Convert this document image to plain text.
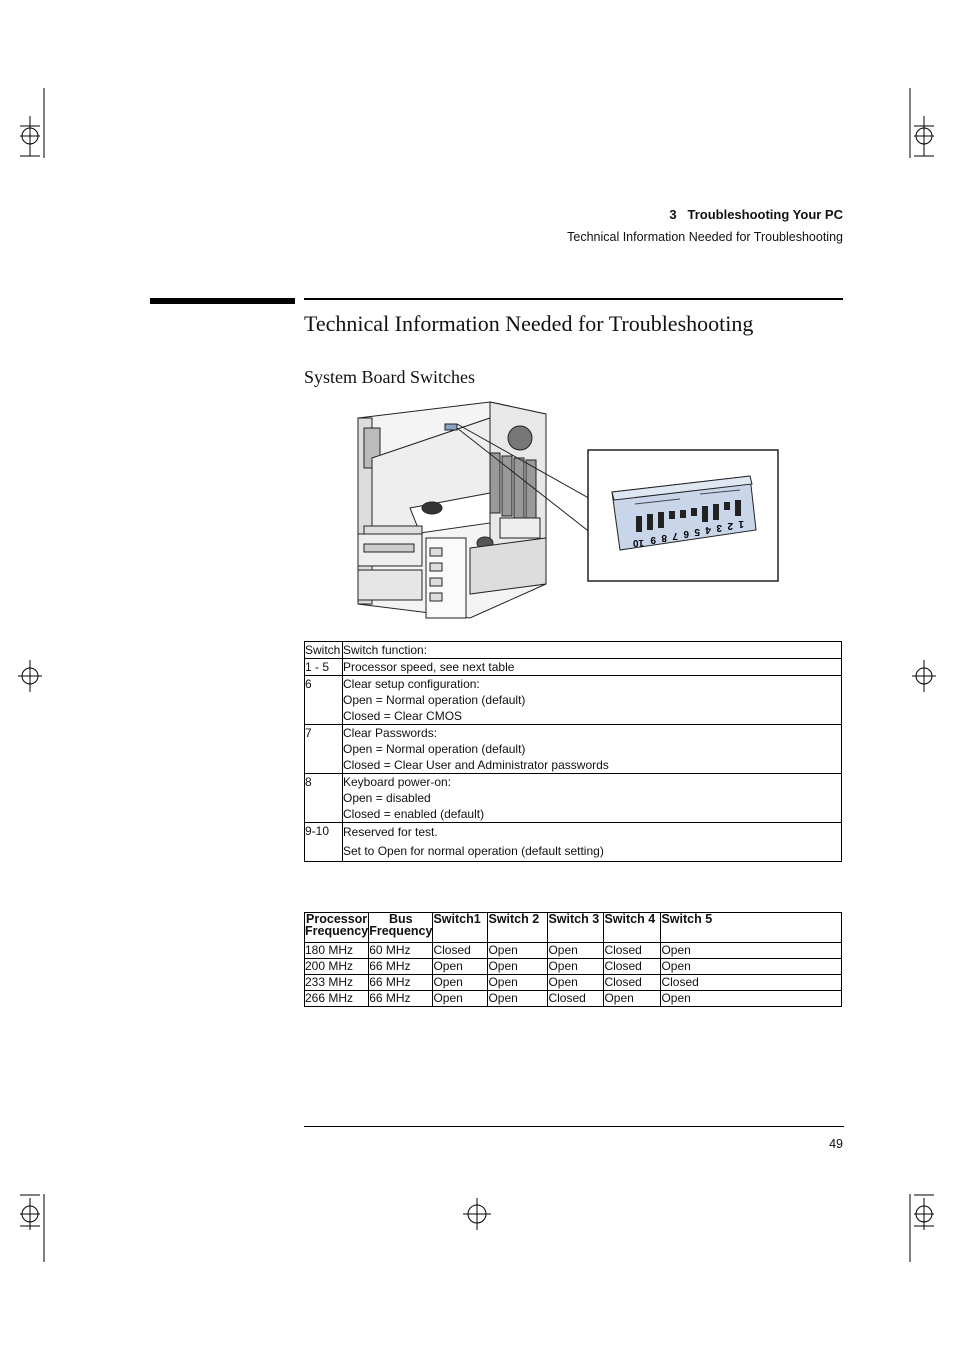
3   Troubleshooting Your PC
Technical Information Needed for Troubleshooting
Technical Information Needed for Troubleshooting
System Board Switches
10 9 8 7 6 5 4 3 2 1
Switch	Switch function:
1 - 5	Processor speed, see next table

6	Clear setup configuration:
Open = Normal operation (default)
Closed = Clear CMOS

7	Clear Passwords:
Open = Normal operation (default)
Closed = Clear User and Administrator passwords

8	Keyboard power-on:
Open = disabled
Closed = enabled (default)

9-10	Reserved for test.
Set to Open for normal operation (default setting)
Processor Frequency	Bus Frequency	Switch1	Switch 2	Switch 3	Switch 4	Switch 5
180 MHz	60 MHz	Closed	Open	Open	Closed	Open
200 MHz	66 MHz	Open	Open	Open	Closed	Open
233 MHz	66 MHz	Open	Open	Open	Closed	Closed
266 MHz	66 MHz	Open	Open	Closed	Open	Open
49
